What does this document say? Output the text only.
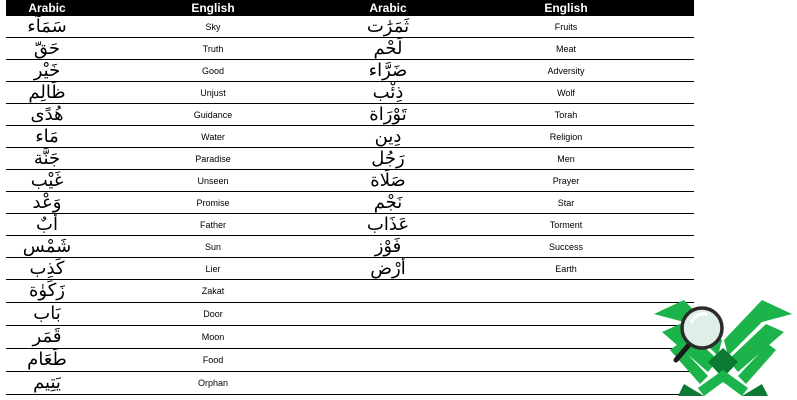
Arabic	English	Arabic	English
سَمَآء	Sky	ثَمَرَٰت	Fruits
حَقّ	Truth	لَحْم	Meat
خَيْر	Good	ضَرَّاء	Adversity
ظَالِم	Unjust	ذِئْب	Wolf
هُدًى	Guidance	تَوْرَاة	Torah
مَاء	Water	دِين	Religion
جَنَّة	Paradise	رَجُل	Men
غَيْب	Unseen	صَلَاة	Prayer
وَعْد	Promise	نَجْم	Star
أَبٌ	Father	عَذَاب	Torment
شَمْس	Sun	فَوْز	Success
كَذِب	Lier	أَرْض	Earth
زَكَوٰة	Zakat		
بَاب	Door		
قَمَر	Moon		
طَعَام	Food		
يَتِيم	Orphan		
